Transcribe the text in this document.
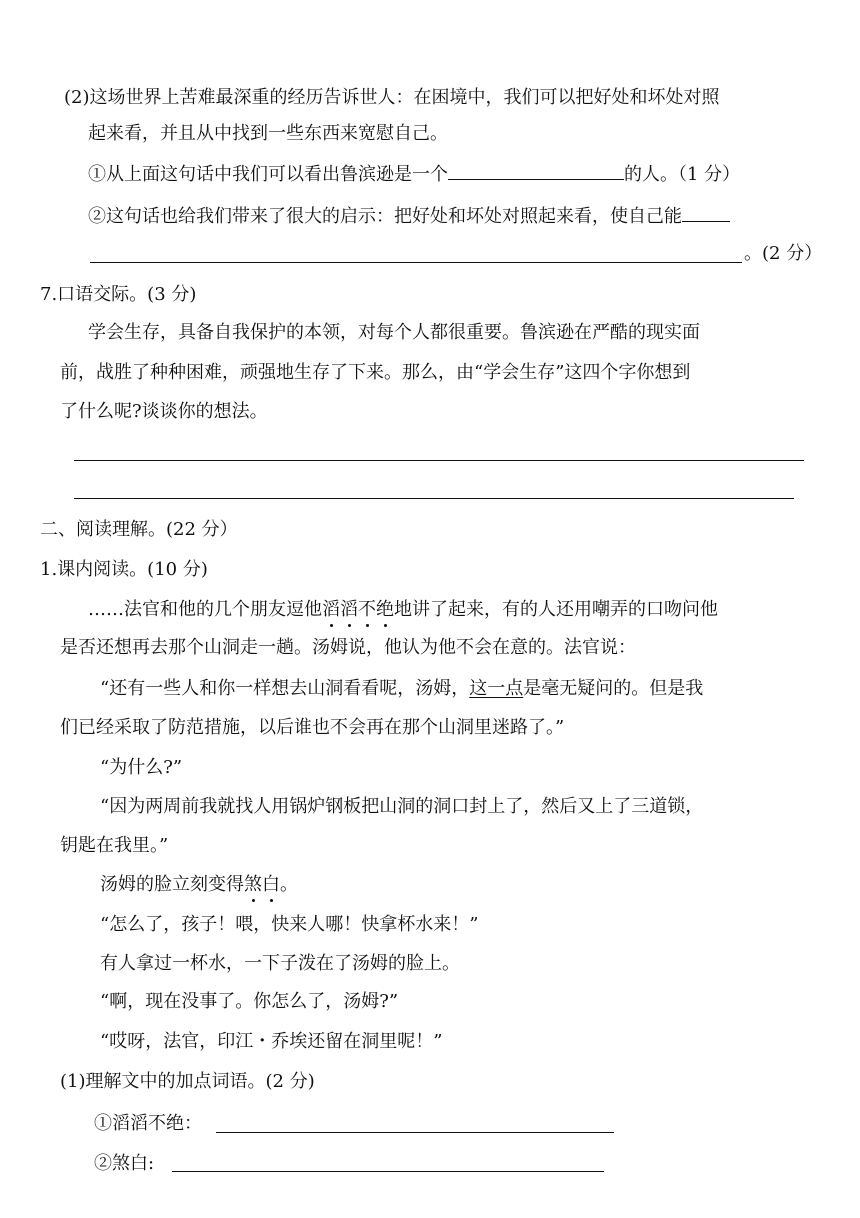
(2)这场世界上苦难最深重的经历告诉世人：在困境中，我们可以把好处和坏处对照
起来看，并且从中找到一些东西来宽慰自己。
①从上面这句话中我们可以看出鲁滨逊是一个	的人。（1 分）
②这句话也给我们带来了很大的启示：把好处和坏处对照起来看，使自己能
。(2 分）
7.口语交际。(3 分)
学会生存，具备自我保护的本领，对每个人都很重要。鲁滨逊在严酷的现实面
前，战胜了种种困难，顽强地生存了下来。那么，由“学会生存”这四个字你想到
了什么呢?谈谈你的想法。
二、阅读理解。(22 分）
1.课内阅读。(10 分)
……法官和他的几个朋友逗他滔滔不绝地讲了起来，有的人还用嘲弄的口吻问他
是否还想再去那个山洞走一趟。汤姆说，他认为他不会在意的。法官说：
“还有一些人和你一样想去山洞看看呢，汤姆，这一点是毫无疑问的。但是我
们已经采取了防范措施，以后谁也不会再在那个山洞里迷路了。”
“为什么?”
“因为两周前我就找人用锅炉钢板把山洞的洞口封上了，然后又上了三道锁，
钥匙在我里。”
汤姆的脸立刻变得煞白。
“怎么了，孩子！喂，快来人哪！快拿杯水来！”
有人拿过一杯水，一下子泼在了汤姆的脸上。
“啊，现在没事了。你怎么了，汤姆?”
“哎呀，法官，印江・乔埃还留在洞里呢！”
(1)理解文中的加点词语。(2 分)
①滔滔不绝：
②煞白:
